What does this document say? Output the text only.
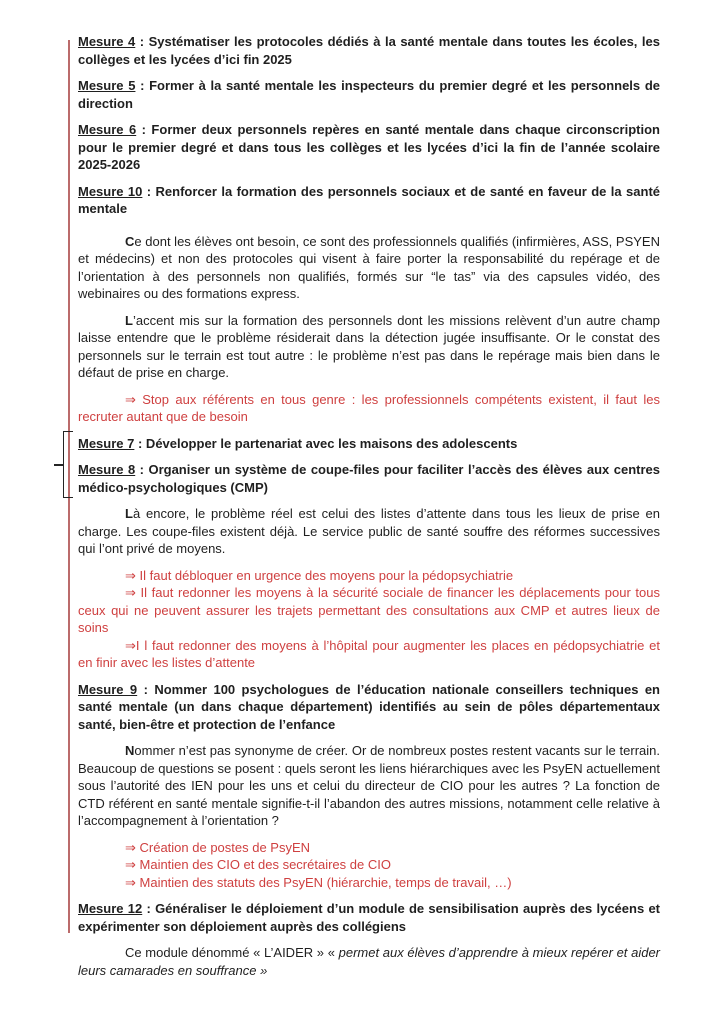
Mesure 4 : Systématiser les protocoles dédiés à la santé mentale dans toutes les écoles, les collèges et les lycées d’ici fin 2025
Mesure 5 : Former à la santé mentale les inspecteurs du premier degré et les personnels de direction
Mesure 6 : Former deux personnels repères en santé mentale dans chaque circonscription pour le premier degré et dans tous les collèges et les lycées d’ici la fin de l’année scolaire 2025-2026
Mesure 10 : Renforcer la formation des personnels sociaux et de santé en faveur de la santé mentale
Ce dont les élèves ont besoin, ce sont des professionnels qualifiés (infirmières, ASS, PSYEN et médecins) et non des protocoles qui visent à faire porter la responsabilité du repérage et de l’orientation à des personnels non qualifiés, formés sur “le tas” via des capsules vidéo, des webinaires ou des formations express.
L’accent mis sur la formation des personnels dont les missions relèvent d’un autre champ laisse entendre que le problème résiderait dans la détection jugée insuffisante. Or le constat des personnels sur le terrain est tout autre : le problème n’est pas dans le repérage mais bien dans le défaut de prise en charge.
⇒ Stop aux référents en tous genre : les professionnels compétents existent, il faut les recruter autant que de besoin
Mesure 7 : Développer le partenariat avec les maisons des adolescents
Mesure 8 : Organiser un système de coupe-files pour faciliter l’accès des élèves aux centres médico-psychologiques (CMP)
Là encore, le problème réel est celui des listes d’attente dans tous les lieux de prise en charge. Les coupe-files existent déjà. Le service public de santé souffre des réformes successives qui l’ont privé de moyens.
⇒ Il faut débloquer en urgence des moyens pour la pédopsychiatrie
⇒ Il faut redonner les moyens à la sécurité sociale de financer les déplacements pour tous ceux qui ne peuvent assurer les trajets permettant des consultations aux CMP et autres lieux de soins
⇒I l faut redonner des moyens à l’hôpital pour augmenter les places en pédopsychiatrie et en finir avec les listes d’attente
Mesure 9 : Nommer 100 psychologues de l’éducation nationale conseillers techniques en santé mentale (un dans chaque département) identifiés au sein de pôles départementaux santé, bien-être et protection de l’enfance
Nommer n’est pas synonyme de créer. Or de nombreux postes restent vacants sur le terrain. Beaucoup de questions se posent : quels seront les liens hiérarchiques avec les PsyEN actuellement sous l’autorité des IEN pour les uns et celui du directeur de CIO pour les autres ? La fonction de CTD référent en santé mentale signifie-t-il l’abandon des autres missions, notamment celle relative à l’accompagnement à l’orientation ?
⇒ Création de postes de PsyEN
⇒ Maintien des CIO et des secrétaires de CIO
⇒ Maintien des statuts des PsyEN (hiérarchie, temps de travail, …)
Mesure 12 : Généraliser le déploiement d’un module de sensibilisation auprès des lycéens et expérimenter son déploiement auprès des collégiens
Ce module dénommé « L’AIDER » « permet aux élèves d’apprendre à mieux repérer et aider leurs camarades en souffrance »
